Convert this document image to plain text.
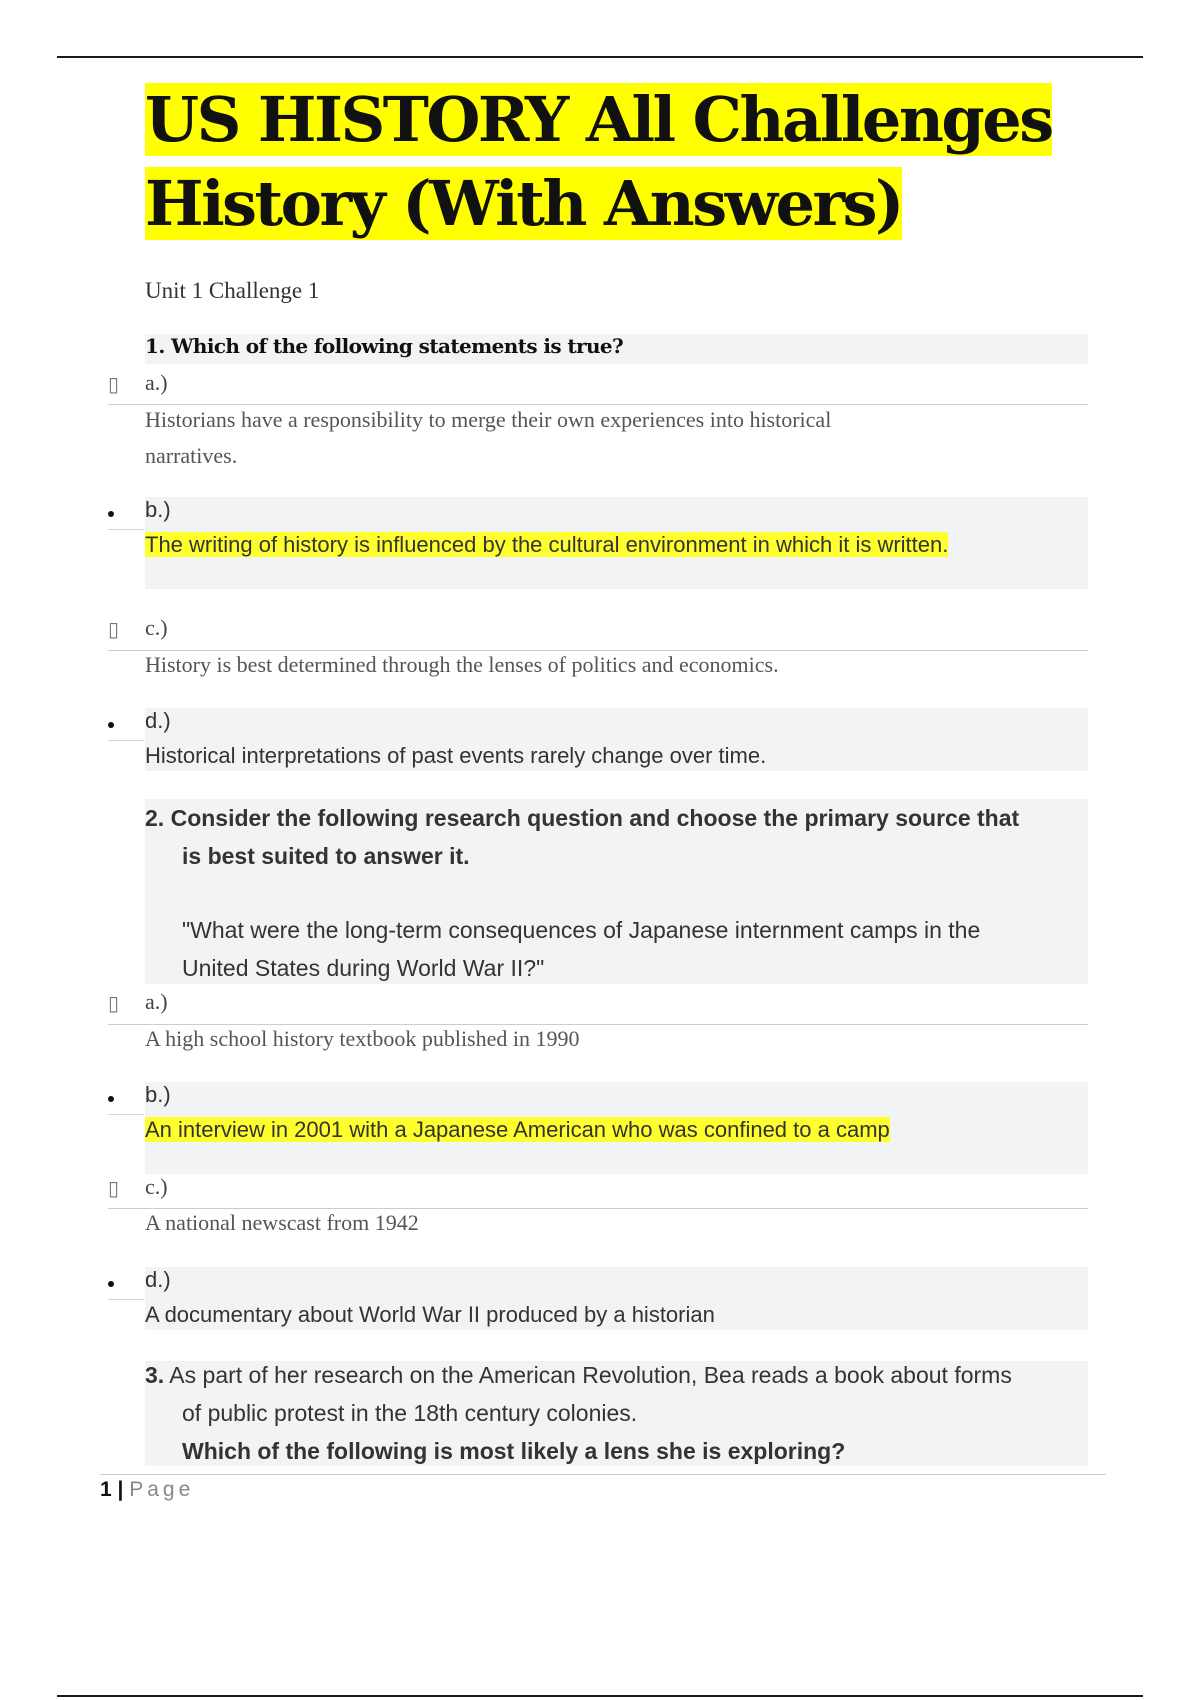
US HISTORY All Challenges
History (With Answers)
Unit 1 Challenge 1
1. Which of the following statements is true?
▯ a.)
Historians have a responsibility to merge their own experiences into historical narratives.
b.)
The writing of history is influenced by the cultural environment in which it is written.
▯ c.)
History is best determined through the lenses of politics and economics.
d.)
Historical interpretations of past events rarely change over time.
2. Consider the following research question and choose the primary source that
is best suited to answer it.
"What were the long-term consequences of Japanese internment camps in the
United States during World War II?"
▯ a.)
A high school history textbook published in 1990
b.)
An interview in 2001 with a Japanese American who was confined to a camp
▯ c.)
A national newscast from 1942
d.)
A documentary about World War II produced by a historian
3. As part of her research on the American Revolution, Bea reads a book about forms
of public protest in the 18th century colonies.
Which of the following is most likely a lens she is exploring?
1 | Page
